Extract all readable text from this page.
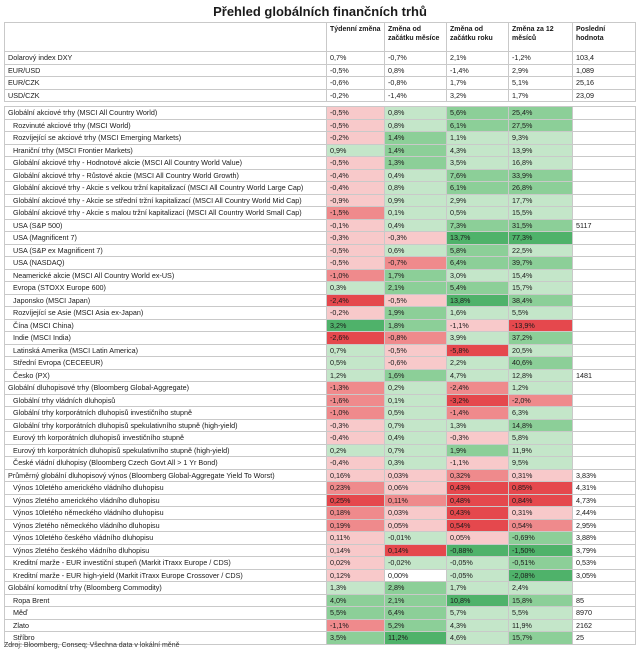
Přehled globálních finančních trhů
	Týdenní změna	Změna od začátku měsíce	Změna od začátku roku	Změna za 12 měsíců	Poslední hodnota
Dolarový index DXY	0,7%	-0,7%	2,1%	-1,2%	103,4
EUR/USD	-0,5%	0,8%	-1,4%	2,9%	1,089
EUR/CZK	-0,6%	-0,8%	1,7%	5,1%	25,16
USD/CZK	-0,2%	-1,4%	3,2%	1,7%	23,09

Globální akciové trhy (MSCI All Country World)	-0,5%	0,8%	5,6%	25,4%	
Rozvinuté akciové trhy (MSCI World)	-0,5%	0,8%	6,1%	27,5%	
Rozvíjející se akciové trhy (MSCI Emerging Markets)	-0,2%	1,4%	1,1%	9,3%	
Hraniční trhy (MSCI Frontier Markets)	0,9%	1,4%	4,3%	13,9%	
Globální akciové trhy - Hodnotové akcie (MSCI All Country World Value)	-0,5%	1,3%	3,5%	16,8%	
Globální akciové trhy - Růstové akcie (MSCI All Country World Growth)	-0,4%	0,4%	7,6%	33,9%	
Globální akciové trhy - Akcie s velkou tržní kapitalizací (MSCI All Country World Large Cap)	-0,4%	0,8%	6,1%	26,8%	
Globální akciové trhy - Akcie se střední tržní kapitalizací (MSCI All Country World Mid Cap)	-0,9%	0,9%	2,9%	17,7%	
Globální akciové trhy - Akcie s malou tržní kapitalizací (MSCI All Country World Small Cap)	-1,5%	0,1%	0,5%	15,5%	
USA (S&P 500)	-0,1%	0,4%	7,3%	31,5%	5117
USA (Magnificent 7)	-0,3%	-0,3%	13,7%	77,3%	
USA (S&P ex Magnificent 7)	-0,5%	0,6%	5,8%	22,5%	
USA (NASDAQ)	-0,5%	-0,7%	6,4%	39,7%	
Neamerické akcie (MSCI All Country World ex-US)	-1,0%	1,7%	3,0%	15,4%	
Evropa (STOXX Europe 600)	0,3%	2,1%	5,4%	15,7%	
Japonsko (MSCI Japan)	-2,4%	-0,5%	13,8%	38,4%	
Rozvíjející se Asie (MSCI Asia ex-Japan)	-0,2%	1,9%	1,6%	5,5%	
Čína (MSCI China)	3,2%	1,8%	-1,1%	-13,9%	
Indie (MSCI India)	-2,6%	-0,8%	3,9%	37,2%	
Latinská Amerika (MSCI Latin America)	0,7%	-0,5%	-5,8%	20,5%	
Střední Evropa (CECEEUR)	0,5%	-0,6%	2,2%	40,6%	
Česko (PX)	1,2%	1,6%	4,7%	12,8%	1481
Globální dluhopisové trhy (Bloomberg Global-Aggregate)	-1,3%	0,2%	-2,4%	1,2%	
Globální trhy vládních dluhopisů	-1,6%	0,1%	-3,2%	-2,0%	
Globální trhy korporátních dluhopisů investičního stupně	-1,0%	0,5%	-1,4%	6,3%	
Globální trhy korporátních dluhopisů spekulativního stupně (high-yield)	-0,3%	0,7%	1,3%	14,8%	
Eurový trh korporátních dluhopisů investičního stupně	-0,4%	0,4%	-0,3%	5,8%	
Eurový trh korporátních dluhopisů spekulativního stupně (high-yield)	0,2%	0,7%	1,9%	11,9%	
České vládní dluhopisy (Bloomberg Czech Govt All > 1 Yr Bond)	-0,4%	0,3%	-1,1%	9,5%	
Průměrný globální dluhopisový výnos (Bloomberg Global-Aggregate Yield To Worst)	0,16%	0,03%	0,32%	0,31%	3,83%
Výnos 10letého amerického vládního dluhopisu	0,23%	0,06%	0,43%	0,85%	4,31%
Výnos 2letého amerického vládního dluhopisu	0,25%	0,11%	0,48%	0,84%	4,73%
Výnos 10letého německého vládního dluhopisu	0,18%	0,03%	0,43%	0,31%	2,44%
Výnos 2letého německého vládního dluhopisu	0,19%	0,05%	0,54%	0,54%	2,95%
Výnos 10letého českého vládního dluhopisu	0,11%	-0,01%	0,05%	-0,69%	3,88%
Výnos 2letého českého vládního dluhopisu	0,14%	0,14%	-0,88%	-1,50%	3,79%
Kreditní marže - EUR investiční stupeň (Markit iTraxx Europe / CDS)	0,02%	-0,02%	-0,05%	-0,51%	0,53%
Kreditní marže - EUR high-yield (Markit iTraxx Europe Crossover / CDS)	0,12%	0,00%	-0,05%	-2,08%	3,05%
Globální komoditní trhy (Bloomberg Commodity)	1,3%	2,8%	1,7%	2,4%	
Ropa Brent	4,0%	2,1%	10,8%	15,8%	85
Měď	5,5%	6,4%	5,7%	5,5%	8970
Zlato	-1,1%	5,2%	4,3%	11,9%	2162
Stříbro	3,5%	11,2%	4,6%	15,7%	25
Zdroj: Bloomberg, Conseq; Všechna data v lokální měně
